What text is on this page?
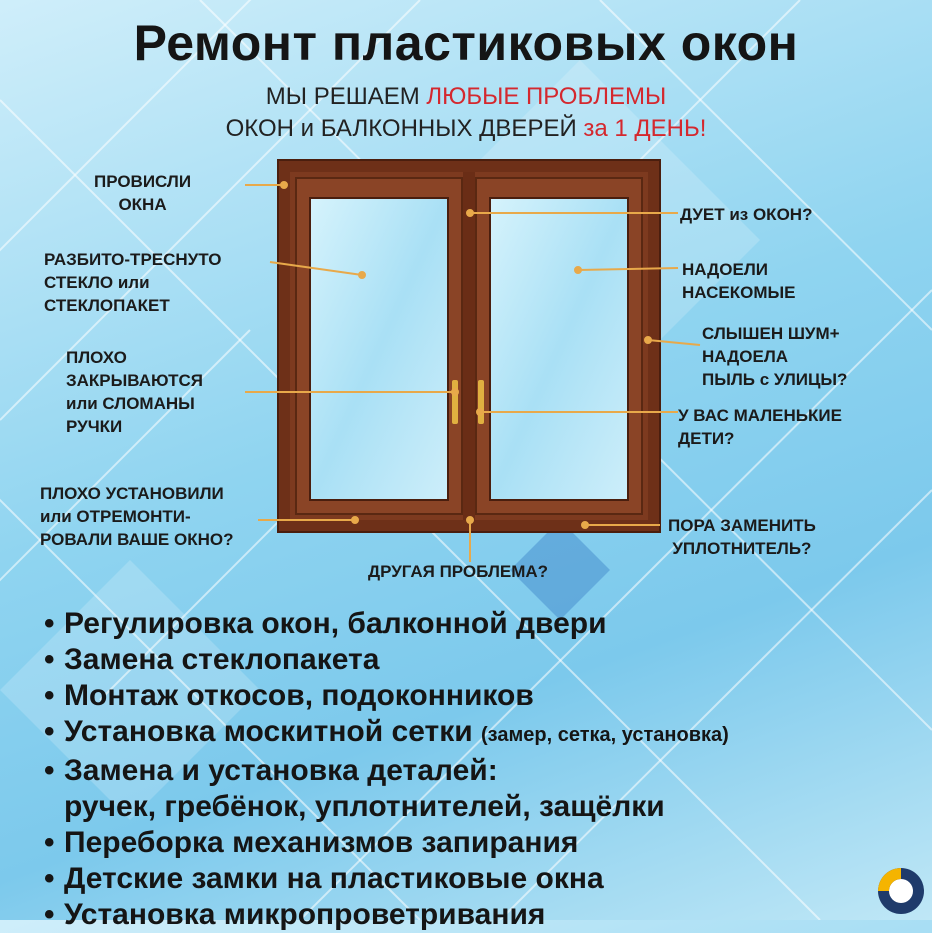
Ремонт пластиковых окон
МЫ РЕШАЕМ ЛЮБЫЕ ПРОБЛЕМЫ
ОКОН и БАЛКОННЫХ ДВЕРЕЙ за 1 ДЕНЬ!
ПРОВИСЛИ
ОКНА
РАЗБИТО-ТРЕСНУТО
СТЕКЛО или
СТЕКЛОПАКЕТ
ПЛОХО
ЗАКРЫВАЮТСЯ
или СЛОМАНЫ
РУЧКИ
ПЛОХО УСТАНОВИЛИ
или ОТРЕМОНТИ-
РОВАЛИ ВАШЕ ОКНО?
ДУЕТ из ОКОН?
НАДОЕЛИ
НАСЕКОМЫЕ
СЛЫШЕН ШУМ+
НАДОЕЛА
ПЫЛЬ с УЛИЦЫ?
У ВАС МАЛЕНЬКИЕ
ДЕТИ?
ПОРА ЗАМЕНИТЬ
УПЛОТНИТЕЛЬ?
ДРУГАЯ ПРОБЛЕМА?
• Регулировка окон, балконной двери
• Замена стеклопакета
• Монтаж откосов, подоконников
• Установка москитной сетки (замер, сетка, установка)
• Замена и установка деталей:
ручек, гребёнок, уплотнителей, защёлки
• Переборка механизмов запирания
• Детские замки на пластиковые окна
• Установка микропроветривания
